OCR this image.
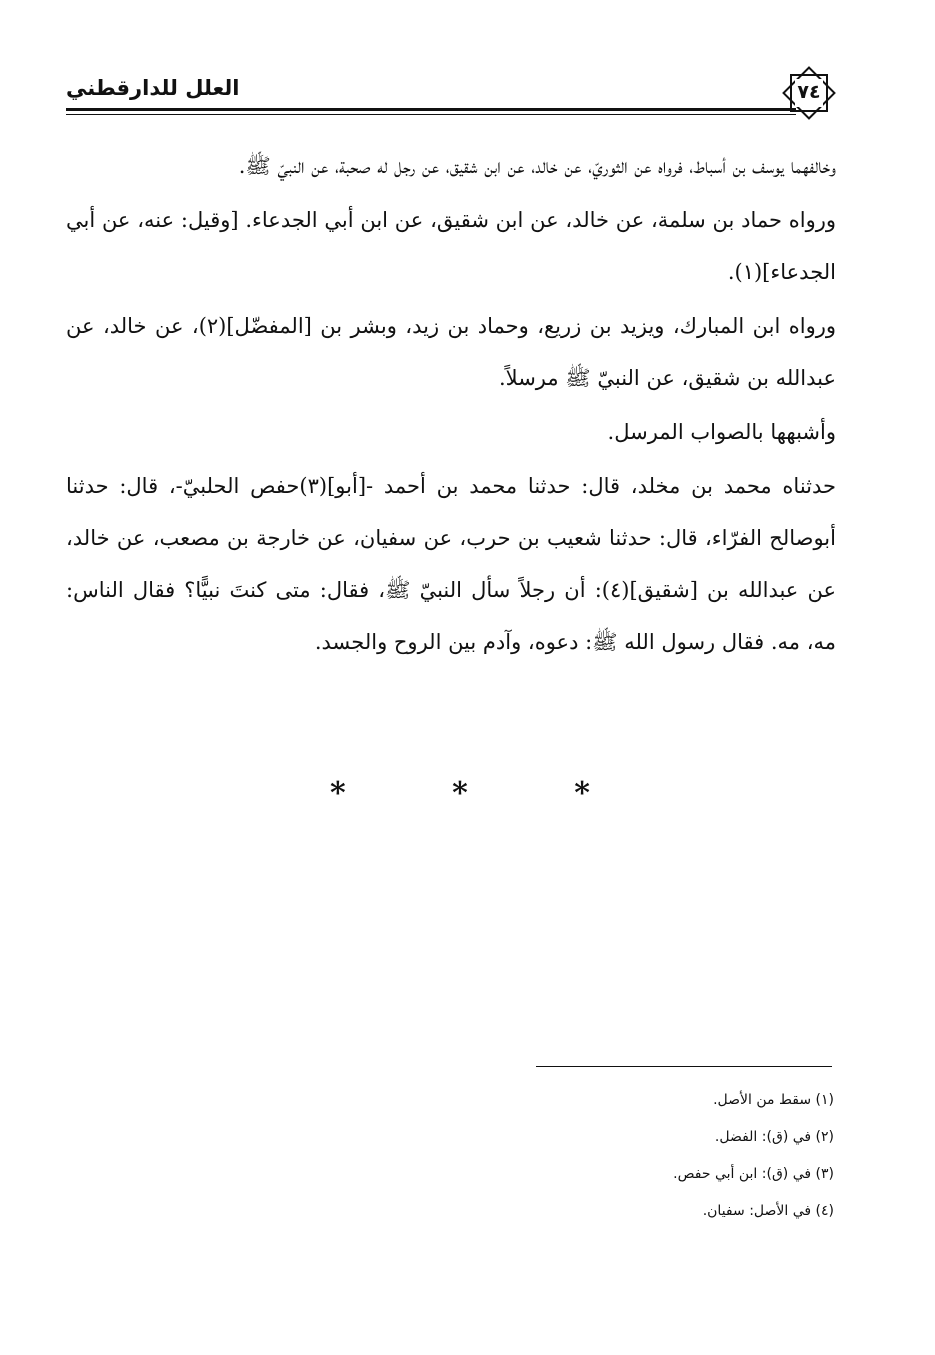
العلل للدارقطني	٧٤

وخالفهما يوسف بن أسباط، فرواه عن الثوريّ، عن خالد، عن ابن شقيق، عن رجل له صحبة، عن النبيّ ﷺ.

ورواه حماد بن سلمة، عن خالد، عن ابن شقيق، عن ابن أبي الجدعاء. [وقيل: عنه، عن أبي الجدعاء](١).

ورواه ابن المبارك، ويزيد بن زريع، وحماد بن زيد، وبشر بن [المفضّل](٢)، عن خالد، عن عبدالله بن شقيق، عن النبيّ ﷺ مرسلاً.

وأشبهها بالصواب المرسل.

حدثناه محمد بن مخلد، قال: حدثنا محمد بن أحمد -[أبو](٣)حفص الحلبيّ-، قال: حدثنا أبوصالح الفرّاء، قال: حدثنا شعيب بن حرب، عن سفيان، عن خارجة بن مصعب، عن خالد، عن عبدالله بن [شقيق](٤): أن رجلاً سأل النبيّ ﷺ، فقال: متى كنتَ نبيًّا؟ فقال الناس: مه، مه. فقال رسول الله ﷺ: دعوه، وآدم بين الروح والجسد.

*	*	*
(١) سقط من الأصل.
(٢) في (ق): الفضل.
(٣) في (ق): ابن أبي حفص.
(٤) في الأصل: سفيان.
